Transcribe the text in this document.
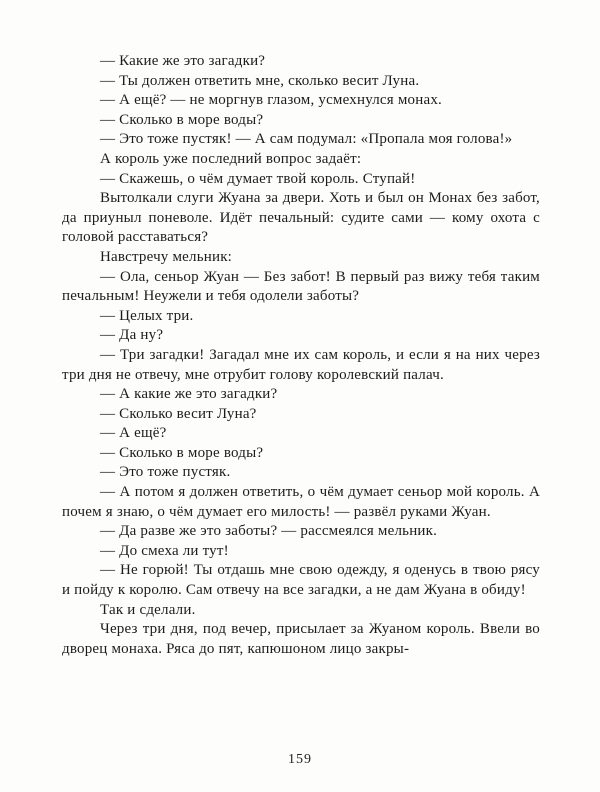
— Какие же это загадки?

— Ты должен ответить мне, сколько весит Луна.

— А ещё? — не моргнув глазом, усмехнулся монах.

— Сколько в море воды?

— Это тоже пустяк! — А сам подумал: «Пропала моя голова!»

А король уже последний вопрос задаёт:

— Скажешь, о чём думает твой король. Ступай!

Вытолкали слуги Жуана за двери. Хоть и был он Монах без забот, да приуныл поневоле. Идёт печальный: судите сами — кому охота с головой расставаться?

Навстречу мельник:

— Ола, сеньор Жуан — Без забот! В первый раз вижу тебя таким печальным! Неужели и тебя одолели заботы?

— Целых три.

— Да ну?

— Три загадки! Загадал мне их сам король, и если я на них через три дня не отвечу, мне отрубит голову королевский палач.

— А какие же это загадки?

— Сколько весит Луна?

— А ещё?

— Сколько в море воды?

— Это тоже пустяк.

— А потом я должен ответить, о чём думает сеньор мой король. А почем я знаю, о чём думает его милость! — развёл руками Жуан.

— Да разве же это заботы? — рассмеялся мельник.

— До смеха ли тут!

— Не горюй! Ты отдашь мне свою одежду, я оденусь в твою рясу и пойду к королю. Сам отвечу на все загадки, а не дам Жуана в обиду!

Так и сделали.

Через три дня, под вечер, присылает за Жуаном король. Ввели во дворец монаха. Ряса до пят, капюшоном лицо закры-

159
